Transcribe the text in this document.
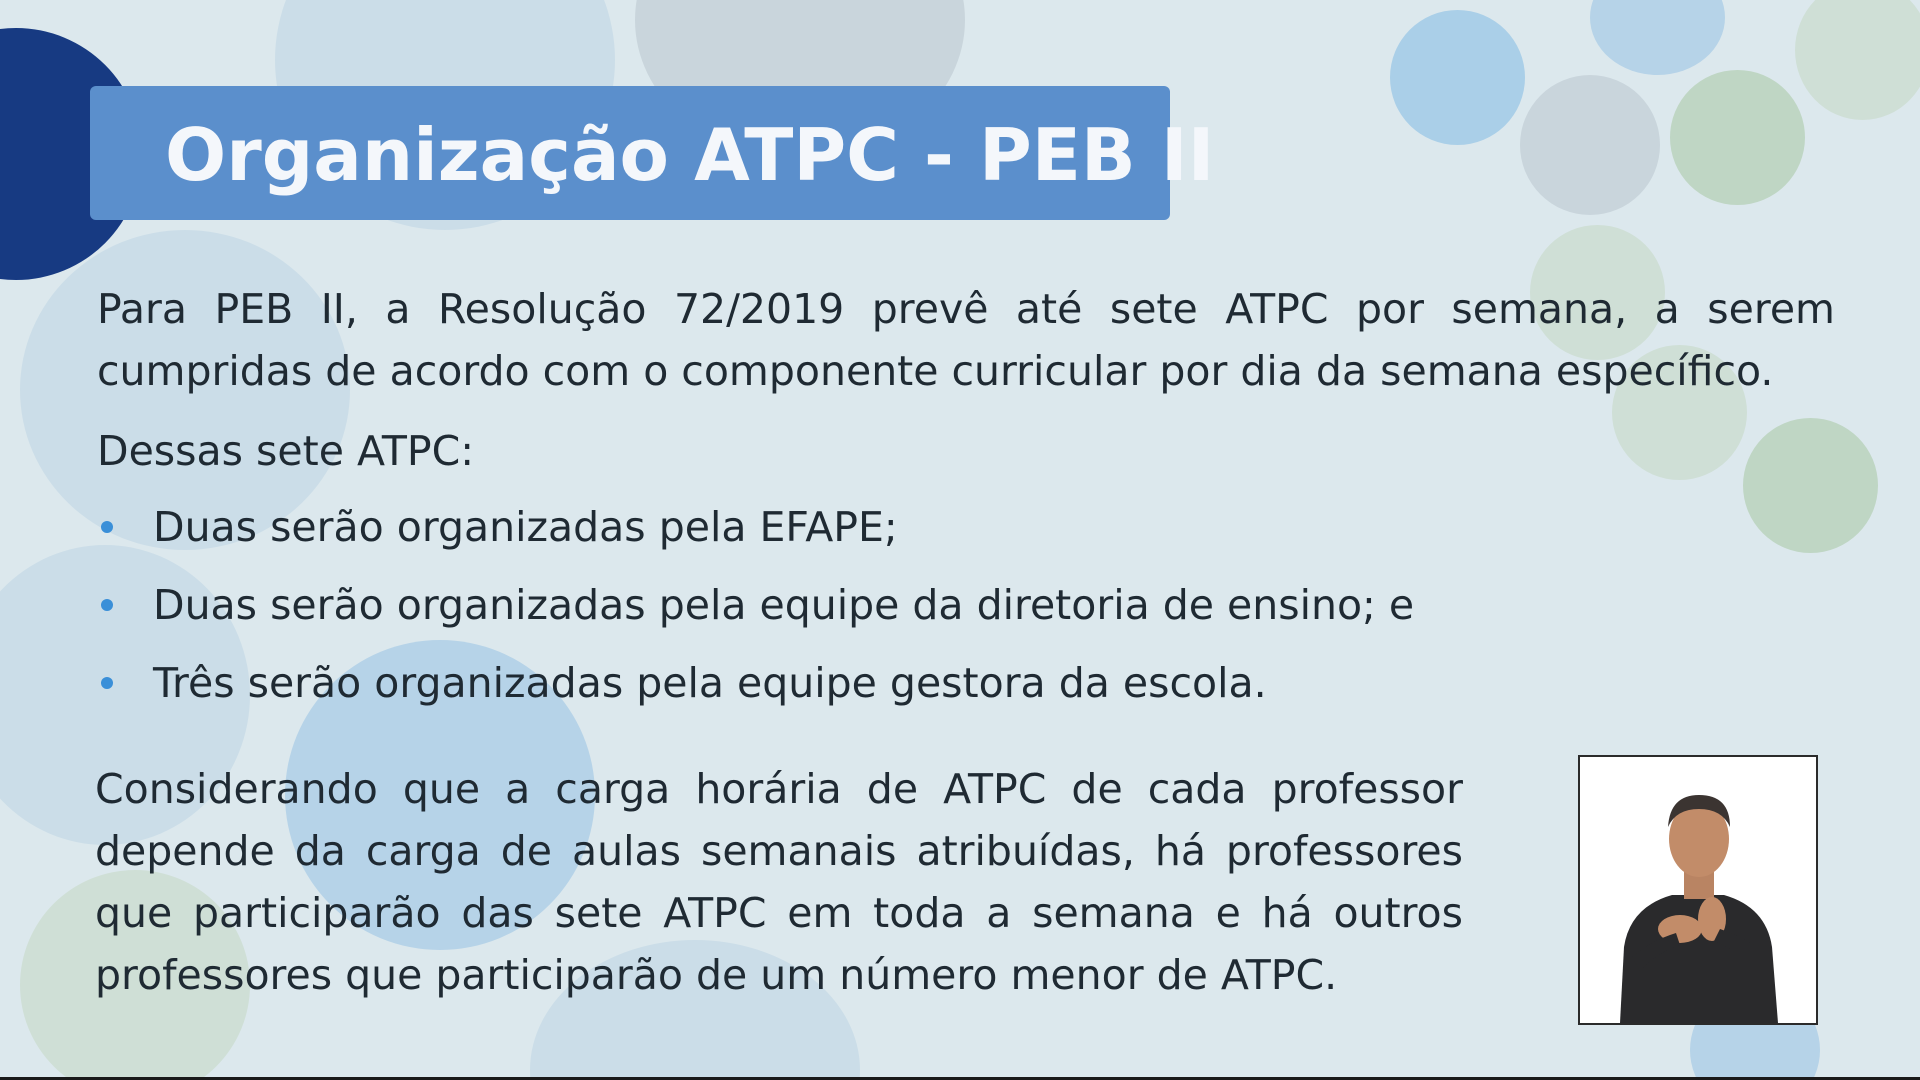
Organização ATPC - PEB II
Para PEB II, a Resolução 72/2019 prevê até sete ATPC por semana, a serem cumpridas de acordo com o componente curricular por dia da semana específico.
Dessas sete ATPC:
Duas serão organizadas pela EFAPE;
Duas serão organizadas pela equipe da diretoria de ensino; e
Três serão organizadas pela equipe gestora da escola.
Considerando que a carga horária de ATPC de cada professor depende da carga de aulas semanais atribuídas, há professores que participarão das sete ATPC em toda a semana e há outros professores que participarão de um número menor de ATPC.
